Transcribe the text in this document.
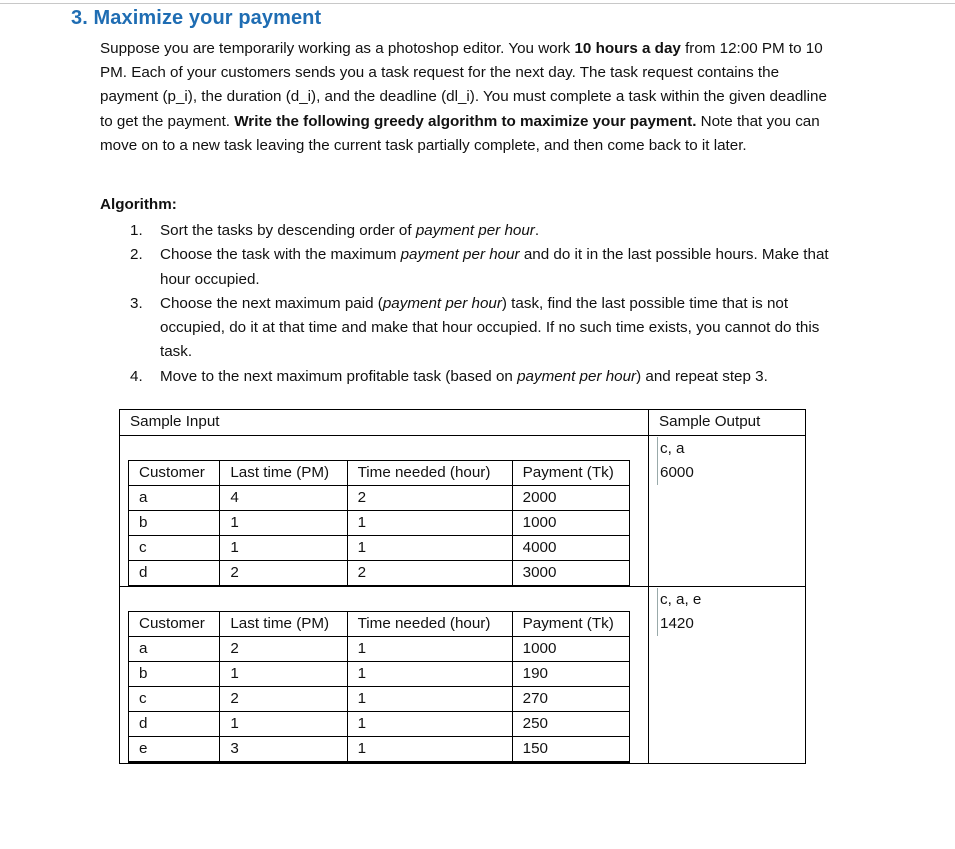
3. Maximize your payment
Suppose you are temporarily working as a photoshop editor. You work 10 hours a day from 12:00 PM to 10 PM. Each of your customers sends you a task request for the next day. The task request contains the payment (p_i), the duration (d_i), and the deadline (dl_i). You must complete a task within the given deadline to get the payment. Write the following greedy algorithm to maximize your payment. Note that you can move on to a new task leaving the current task partially complete, and then come back to it later.
Algorithm:
1. Sort the tasks by descending order of payment per hour.
2. Choose the task with the maximum payment per hour and do it in the last possible hours. Make that hour occupied.
3. Choose the next maximum paid (payment per hour) task, find the last possible time that is not occupied, do it at that time and make that hour occupied. If no such time exists, you cannot do this task.
4. Move to the next maximum profitable task (based on payment per hour) and repeat step 3.
Sample Input	Sample Output
Customer	Last time (PM)	Time needed (hour)	Payment (Tk)
a	4	2	2000
b	1	1	1000
c	1	1	4000
d	2	2	3000
c, a
6000
Customer	Last time (PM)	Time needed (hour)	Payment (Tk)
a	2	1	1000
b	1	1	190
c	2	1	270
d	1	1	250
e	3	1	150
c, a, e
1420
